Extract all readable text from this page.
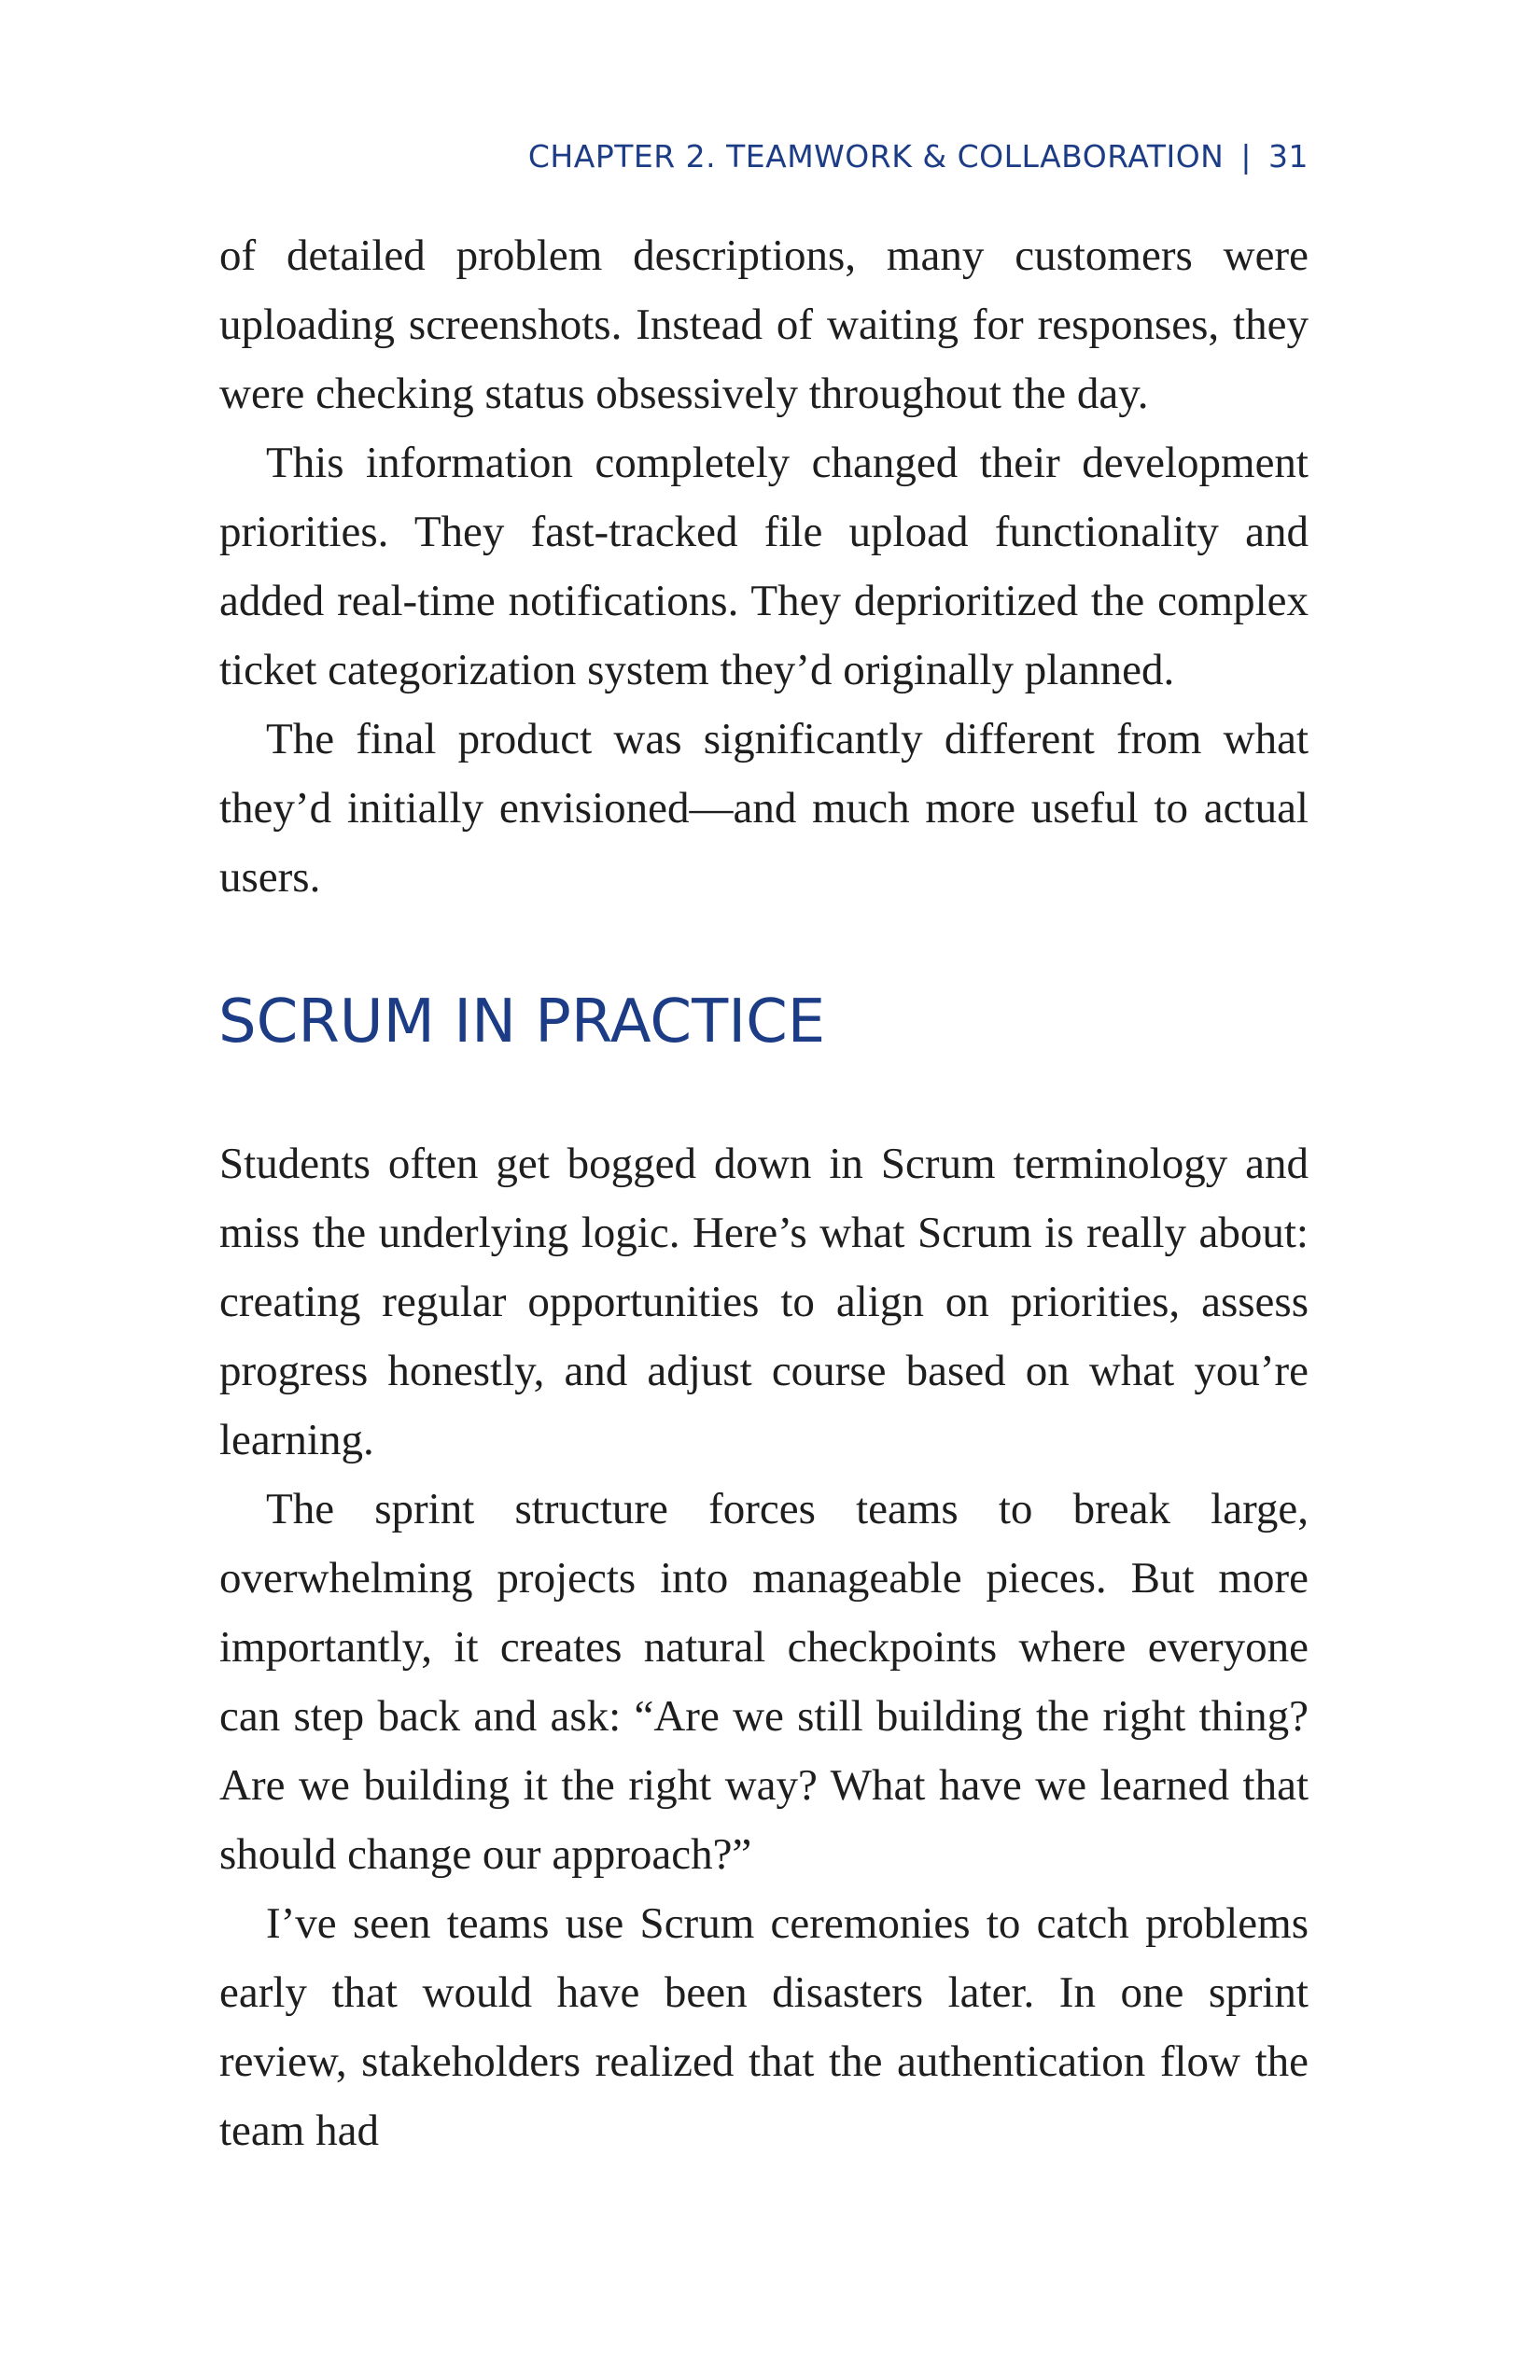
CHAPTER 2. TEAMWORK & COLLABORATION | 31

of detailed problem descriptions, many customers were uploading screenshots. Instead of waiting for responses, they were checking status obsessively throughout the day.

This information completely changed their development priorities. They fast-tracked file upload functionality and added real-time notifications. They deprioritized the complex ticket categorization system they’d originally planned.

The final product was significantly different from what they’d initially envisioned—and much more useful to actual users.

SCRUM IN PRACTICE

Students often get bogged down in Scrum terminology and miss the underlying logic. Here’s what Scrum is really about: creating regular opportunities to align on priorities, assess progress honestly, and adjust course based on what you’re learning.

The sprint structure forces teams to break large, overwhelming projects into manageable pieces. But more importantly, it creates natural checkpoints where everyone can step back and ask: “Are we still building the right thing? Are we building it the right way? What have we learned that should change our approach?”

I’ve seen teams use Scrum ceremonies to catch problems early that would have been disasters later. In one sprint review, stakeholders realized that the authentication flow the team had
